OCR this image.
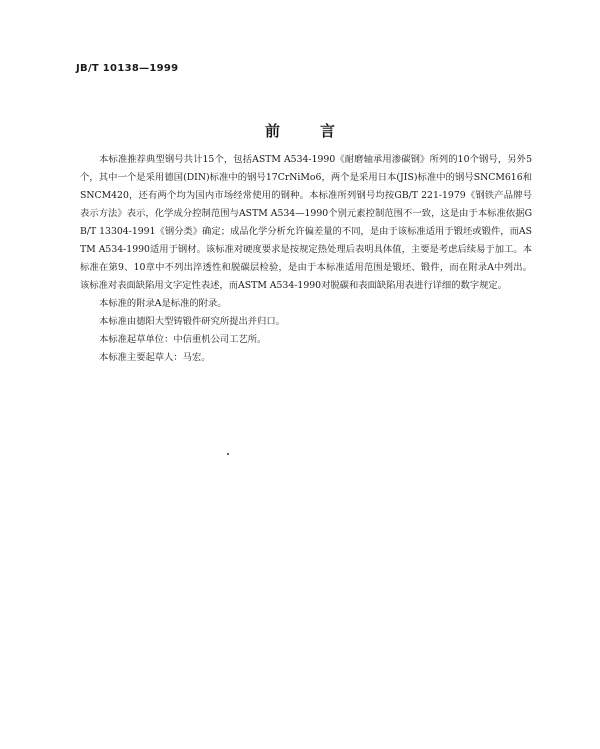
JB/T 10138—1999
前言

本标准推荐典型钢号共计15个，包括ASTM A534-1990《耐磨轴承用渗碳钢》所列的10个钢号，另外5个，其中一个是采用德国(DIN)标准中的钢号17CrNiMo6，两个是采用日本(JIS)标准中的钢号SNCM616和SNCM420，还有两个均为国内市场经常使用的钢种。本标准所列钢号均按GB/T 221-1979《钢铁产品牌号表示方法》表示，化学成分控制范围与ASTM A534—1990个别元素控制范围不一致，这是由于本标准依据GB/T 13304-1991《钢分类》确定；成品化学分析允许偏差量的不同，是由于该标准适用于锻坯或锻件，而ASTM A534-1990适用于钢材。该标准对硬度要求是按规定热处理后表明具体值，主要是考虑后续易于加工。本标准在第9、10章中不列出淬透性和脱碳层检验，是由于本标准适用范围是锻坯、锻件，而在附录A中列出。该标准对表面缺陷用文字定性表述，而ASTM A534-1990对脱碳和表面缺陷用表进行详细的数字规定。

本标准的附录A是标准的附录。

本标准由德阳大型铸锻件研究所提出并归口。

本标准起草单位：中信重机公司工艺所。

本标准主要起草人：马宏。
